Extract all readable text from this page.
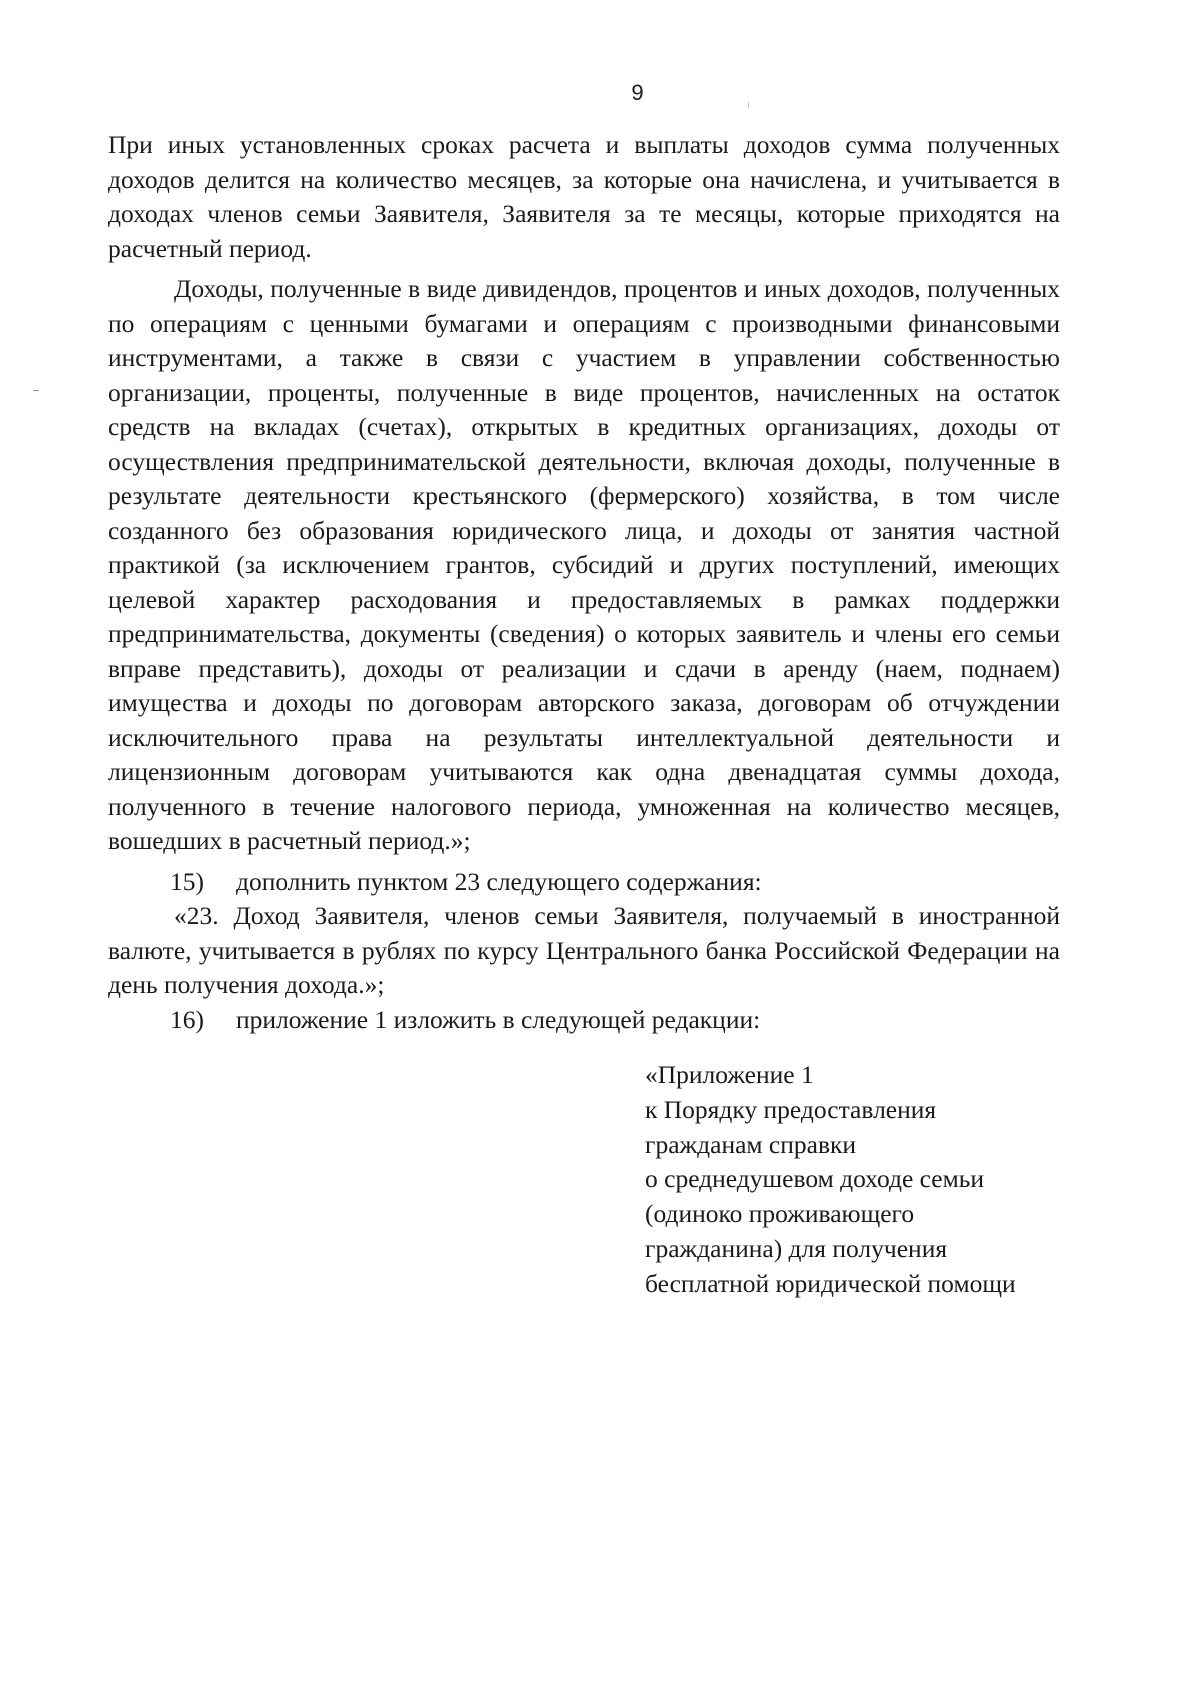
9

При иных установленных сроках расчета и выплаты доходов сумма полученных доходов делится на количество месяцев, за которые она начислена, и учитывается в доходах членов семьи Заявителя, Заявителя за те месяцы, которые приходятся на расчетный период.

Доходы, полученные в виде дивидендов, процентов и иных доходов, полученных по операциям с ценными бумагами и операциям с производными финансовыми инструментами, а также в связи с участием в управлении собственностью организации, проценты, полученные в виде процентов, начисленных на остаток средств на вкладах (счетах), открытых в кредитных организациях, доходы от осуществления предпринимательской деятельности, включая доходы, полученные в результате деятельности крестьянского (фермерского) хозяйства, в том числе созданного без образования юридического лица, и доходы от занятия частной практикой (за исключением грантов, субсидий и других поступлений, имеющих целевой характер расходования и предоставляемых в рамках поддержки предпринимательства, документы (сведения) о которых заявитель и члены его семьи вправе представить), доходы от реализации и сдачи в аренду (наем, поднаем) имущества и доходы по договорам авторского заказа, договорам об отчуждении исключительного права на результаты интеллектуальной деятельности и лицензионным договорам учитываются как одна двенадцатая суммы дохода, полученного в течение налогового периода, умноженная на количество месяцев, вошедших в расчетный период.»;

15) дополнить пунктом 23 следующего содержания:

«23. Доход Заявителя, членов семьи Заявителя, получаемый в иностранной валюте, учитывается в рублях по курсу Центрального банка Российской Федерации на день получения дохода.»;

16) приложение 1 изложить в следующей редакции:

«Приложение 1
к Порядку предоставления
гражданам справки
о среднедушевом доходе семьи
(одиноко проживающего
гражданина) для получения
бесплатной юридической помощи
